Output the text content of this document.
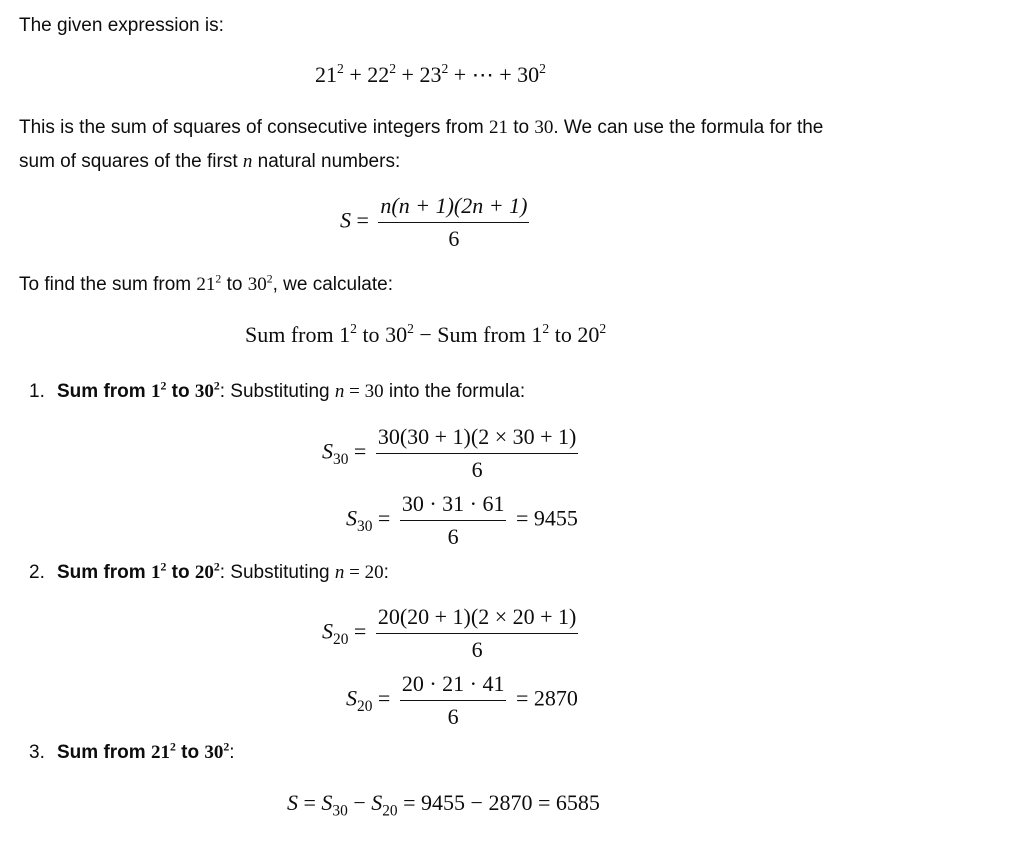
The given expression is:
$21^2 + 22^2 + 23^2$ + ⋯ + $30^2$
This is the sum of squares of consecutive integers from 21 to 30. We can use the formula for the
sum of squares of the first n natural numbers:
$S = \frac{n(n + 1)(2n + 1)}{6}$
To find the sum from $21^2$ to $30^2$, we calculate:
Sum from $1^2$ to $30^2$ − Sum from $1^2$ to $20^2$
1. Sum from $1^2$ to $30^2$: Substituting n = 30 into the formula:
$S_{30} = \frac{30(30 + 1)(2 \times 30 + 1)}{6}$
$S_{30} = \frac{30 \cdot 31 \cdot 61}{6} = 9455$
2. Sum from $1^2$ to $20^2$: Substituting n = 20:
$S_{20} = \frac{20(20 + 1)(2 \times 20 + 1)}{6}$
$S_{20} = \frac{20 \cdot 21 \cdot 41}{6} = 2870$
3. Sum from $21^2$ to $30^2$:
$S = S_{30} - S_{20} = 9455 - 2870 = 6585$
